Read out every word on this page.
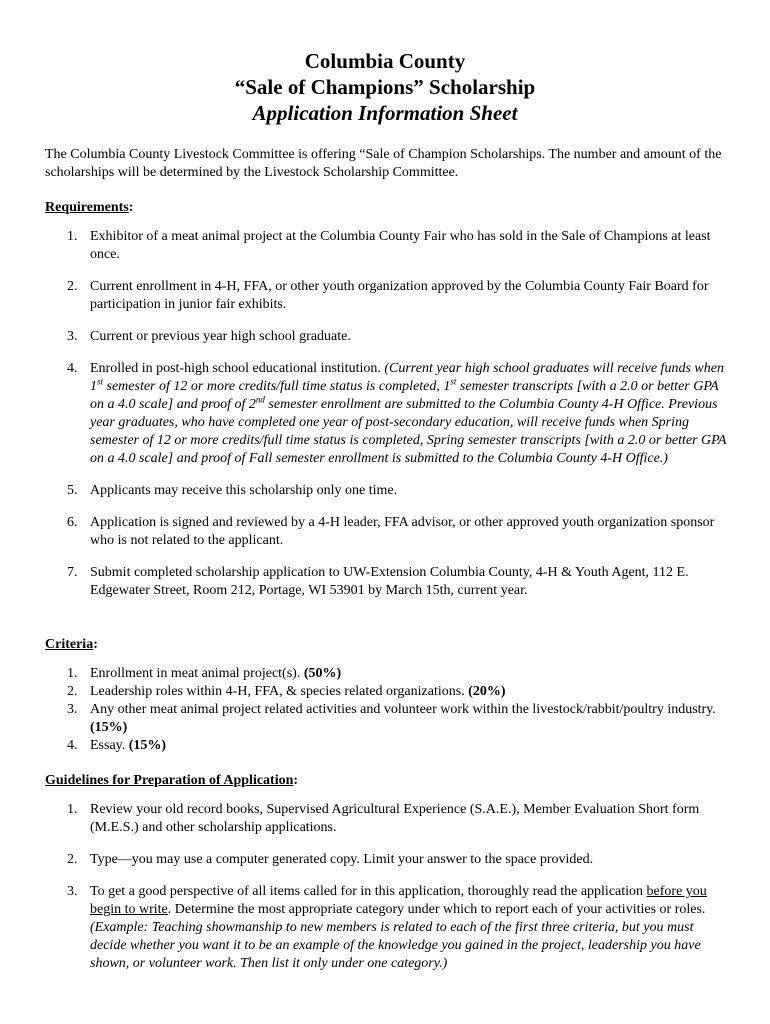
Columbia County
“Sale of Champions” Scholarship
Application Information Sheet
The Columbia County Livestock Committee is offering “Sale of Champion Scholarships. The number and amount of the scholarships will be determined by the Livestock Scholarship Committee.
Requirements:
1. Exhibitor of a meat animal project at the Columbia County Fair who has sold in the Sale of Champions at least once.
2. Current enrollment in 4-H, FFA, or other youth organization approved by the Columbia County Fair Board for participation in junior fair exhibits.
3. Current or previous year high school graduate.
4. Enrolled in post-high school educational institution. (Current year high school graduates will receive funds when 1st semester of 12 or more credits/full time status is completed, 1st semester transcripts [with a 2.0 or better GPA on a 4.0 scale] and proof of 2nd semester enrollment are submitted to the Columbia County 4-H Office. Previous year graduates, who have completed one year of post-secondary education, will receive funds when Spring semester of 12 or more credits/full time status is completed, Spring semester transcripts [with a 2.0 or better GPA on a 4.0 scale] and proof of Fall semester enrollment is submitted to the Columbia County 4-H Office.)
5. Applicants may receive this scholarship only one time.
6. Application is signed and reviewed by a 4-H leader, FFA advisor, or other approved youth organization sponsor who is not related to the applicant.
7. Submit completed scholarship application to UW-Extension Columbia County, 4-H & Youth Agent, 112 E. Edgewater Street, Room 212, Portage, WI 53901 by March 15th, current year.
Criteria:
1. Enrollment in meat animal project(s). (50%)
2. Leadership roles within 4-H, FFA, & species related organizations. (20%)
3. Any other meat animal project related activities and volunteer work within the livestock/rabbit/poultry industry. (15%)
4. Essay. (15%)
Guidelines for Preparation of Application:
1. Review your old record books, Supervised Agricultural Experience (S.A.E.), Member Evaluation Short form (M.E.S.) and other scholarship applications.
2. Type—you may use a computer generated copy. Limit your answer to the space provided.
3. To get a good perspective of all items called for in this application, thoroughly read the application before you begin to write. Determine the most appropriate category under which to report each of your activities or roles. (Example: Teaching showmanship to new members is related to each of the first three criteria, but you must decide whether you want it to be an example of the knowledge you gained in the project, leadership you have shown, or volunteer work. Then list it only under one category.)
